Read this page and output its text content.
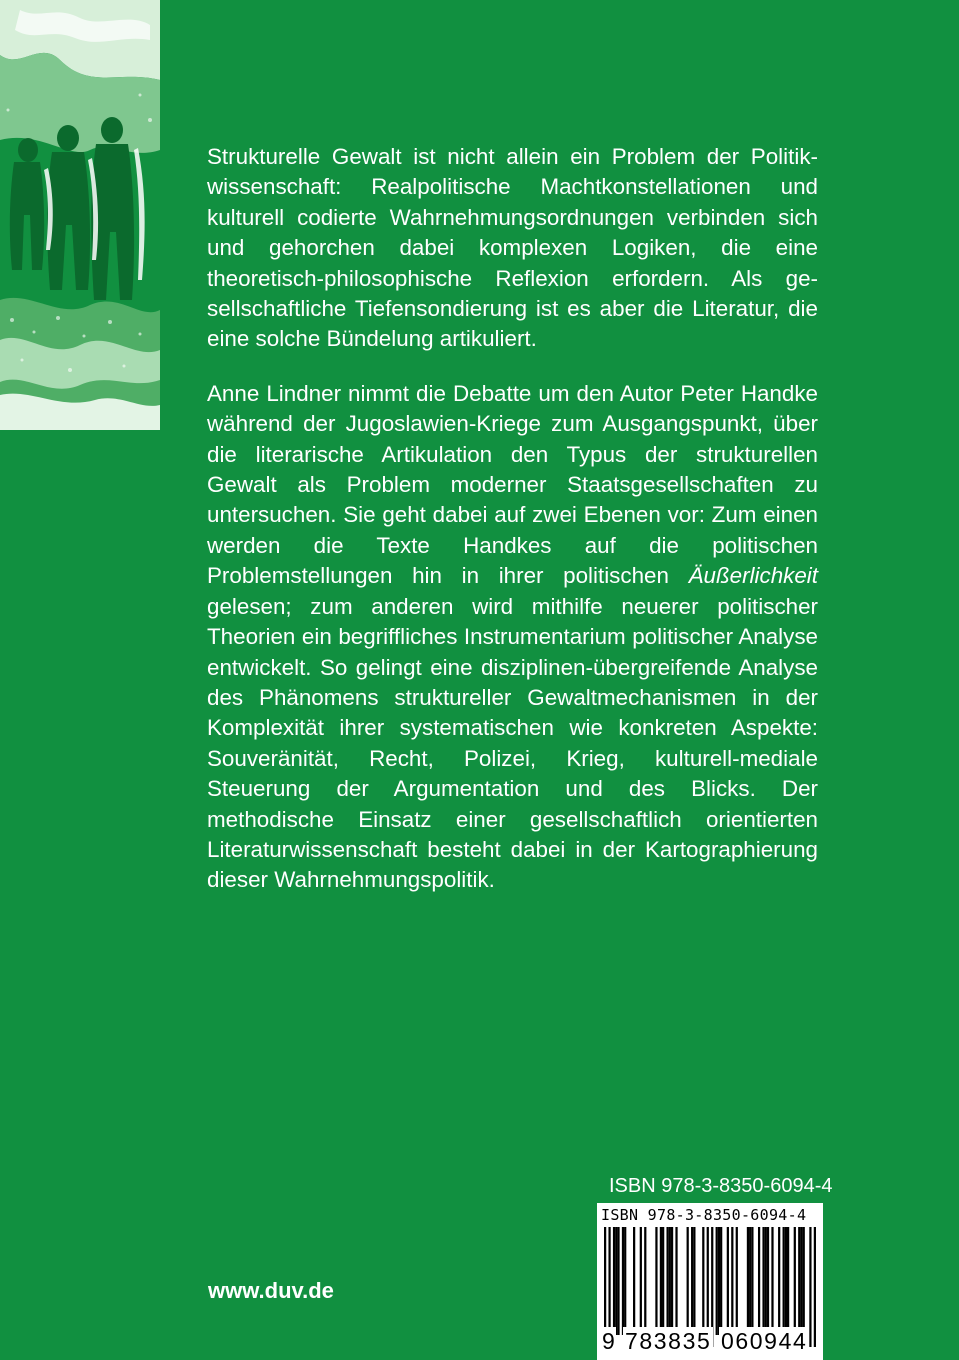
Strukturelle Gewalt ist nicht allein ein Problem der Politikwissenschaft: Realpolitische Machtkonstellationen und kulturell codierte Wahrnehmungsordnungen verbinden sich und gehorchen dabei komplexen Logiken, die eine theoretisch-philosophische Reflexion erfordern. Als gesellschaftliche Tiefensondierung ist es aber die Literatur, die eine solche Bündelung artikuliert.

Anne Lindner nimmt die Debatte um den Autor Peter Handke während der Jugoslawien-Kriege zum Ausgangspunkt, über die literarische Artikulation den Typus der strukturellen Gewalt als Problem moderner Staatsgesellschaften zu untersuchen. Sie geht dabei auf zwei Ebenen vor: Zum einen werden die Texte Handkes auf die politischen Problemstellungen hin in ihrer politischen Äußerlichkeit gelesen; zum anderen wird mithilfe neuerer politischer Theorien ein begriffliches Instrumentarium politischer Analyse entwickelt. So gelingt eine disziplinen-übergreifende Analyse des Phänomens struktureller Gewaltmechanismen in der Komplexität ihrer systematischen wie konkreten Aspekte: Souveränität, Recht, Polizei, Krieg, kulturell-mediale Steuerung der Argumentation und des Blicks. Der methodische Einsatz einer gesellschaftlich orientierten Literaturwissenschaft besteht dabei in der Kartographierung dieser Wahrnehmungspolitik.

www.duv.de
ISBN 978-3-8350-6094-4
ISBN 978-3-8350-6094-4
9 783835 060944
